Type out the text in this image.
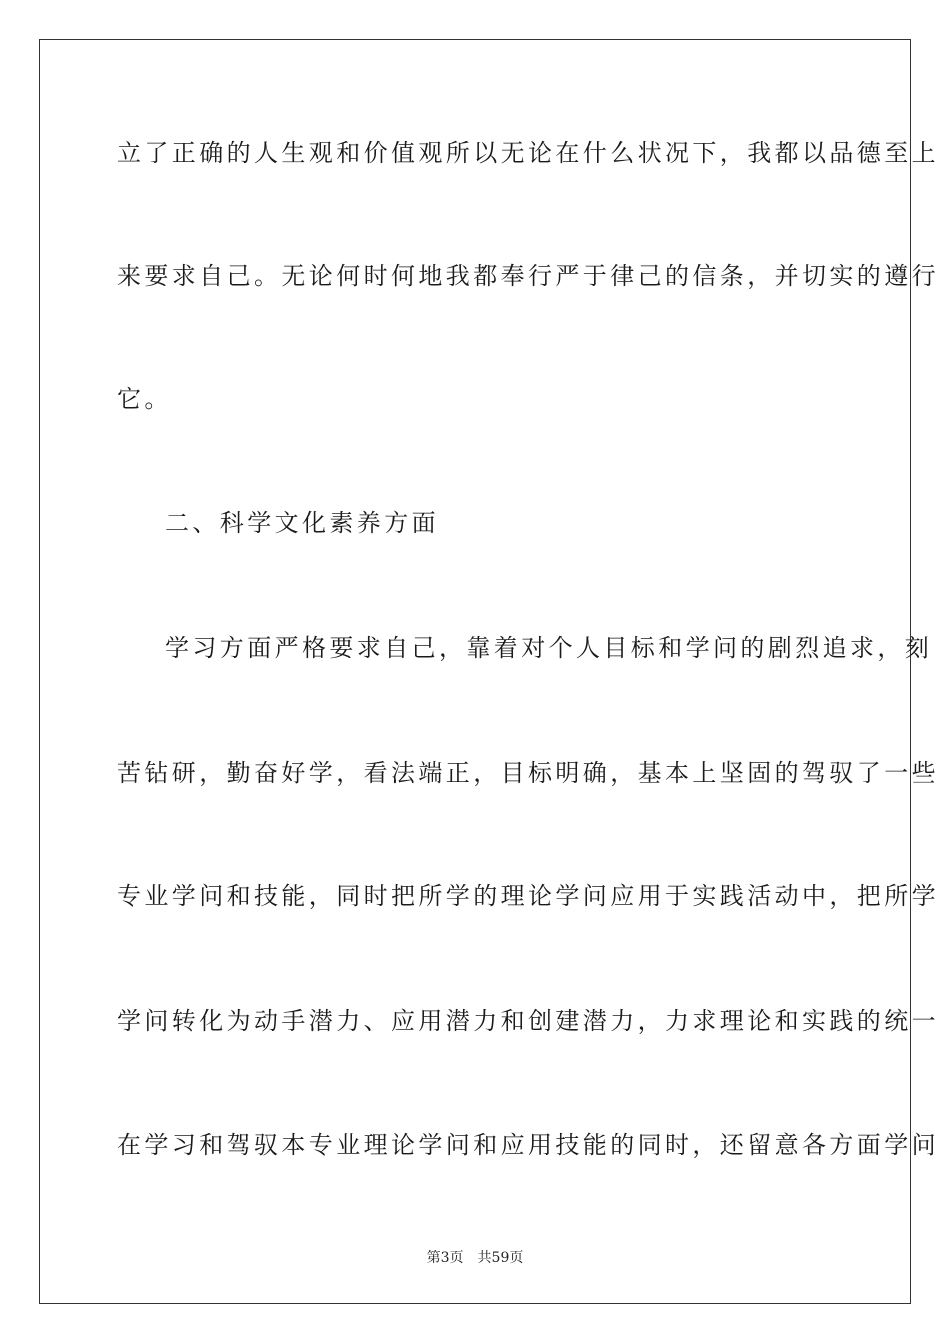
立了正确的人生观和价值观所以无论在什么状况下，我都以品德至上
来要求自己。无论何时何地我都奉行严于律己的信条，并切实的遵行
它。
二、科学文化素养方面
学习方面严格要求自己，靠着对个人目标和学问的剧烈追求，刻
苦钻研，勤奋好学，看法端正，目标明确，基本上坚固的驾驭了一些
专业学问和技能，同时把所学的理论学问应用于实践活动中，把所学
学问转化为动手潜力、应用潜力和创建潜力，力求理论和实践的统一
在学习和驾驭本专业理论学问和应用技能的同时，还留意各方面学问
第3页 共59页
